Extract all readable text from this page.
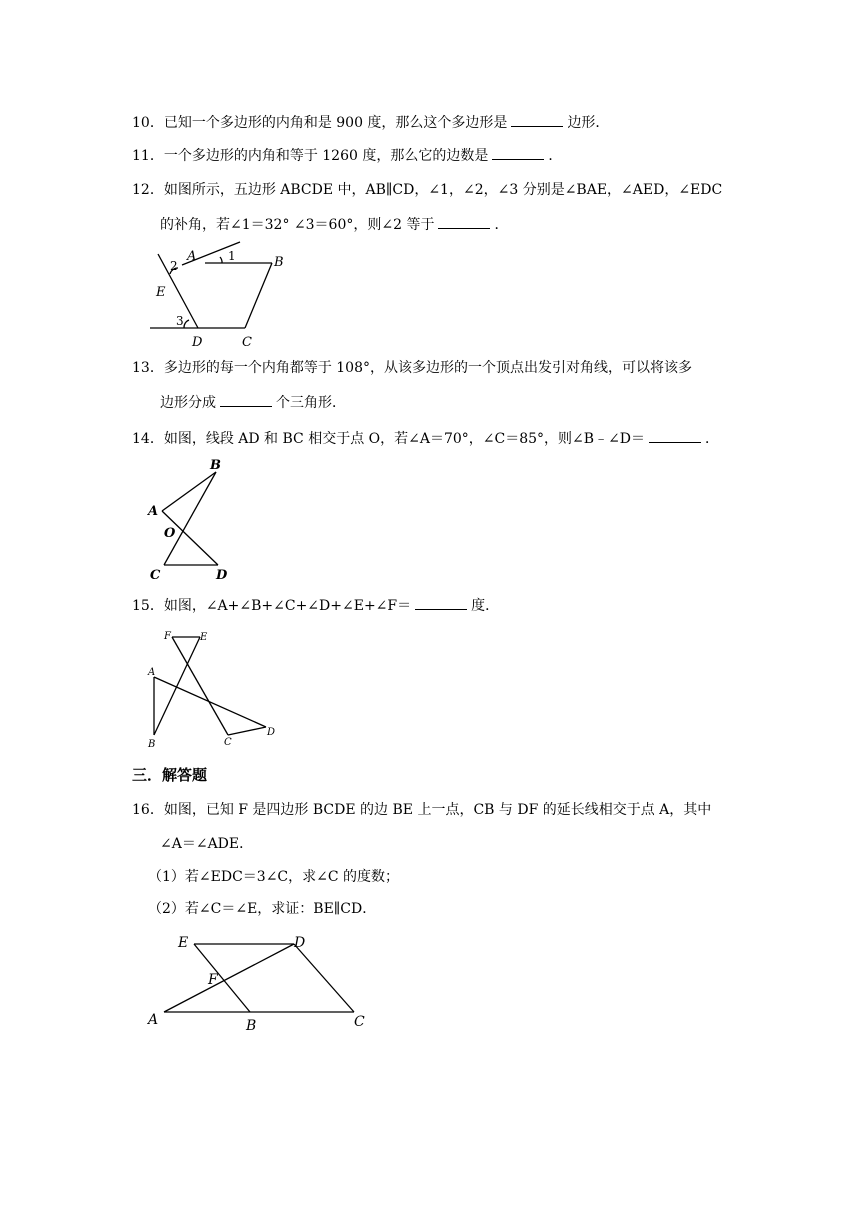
10．已知一个多边形的内角和是 900 度，那么这个多边形是	边形．
11．一个多边形的内角和等于 1260 度，那么它的边数是	．
12．如图所示，五边形 ABCDE 中，AB∥CD，∠1，∠2，∠3 分别是∠BAE，∠AED，∠EDC
的补角，若∠1＝32° ∠3＝60°，则∠2 等于	．
A	B
C
D
E
1
2
3
13．多边形的每一个内角都等于 108°，从该多边形的一个顶点出发引对角线，可以将该多
边形分成	个三角形．
14．如图，线段 AD 和 BC 相交于点 O，若∠A＝70°，∠C＝85°，则∠B﹣∠D＝	．
A
B
C	D
O
15．如图，∠A+∠B+∠C+∠D+∠E+∠F＝	度．
F	E
A
B	C
D
三．解答题
16．如图，已知 F 是四边形 BCDE 的边 BE 上一点，CB 与 DF 的延长线相交于点 A，其中
∠A＝∠ADE．
（1）若∠EDC＝3∠C，求∠C 的度数；
（2）若∠C＝∠E，求证：BE∥CD．
E	D
F
A	B	C
